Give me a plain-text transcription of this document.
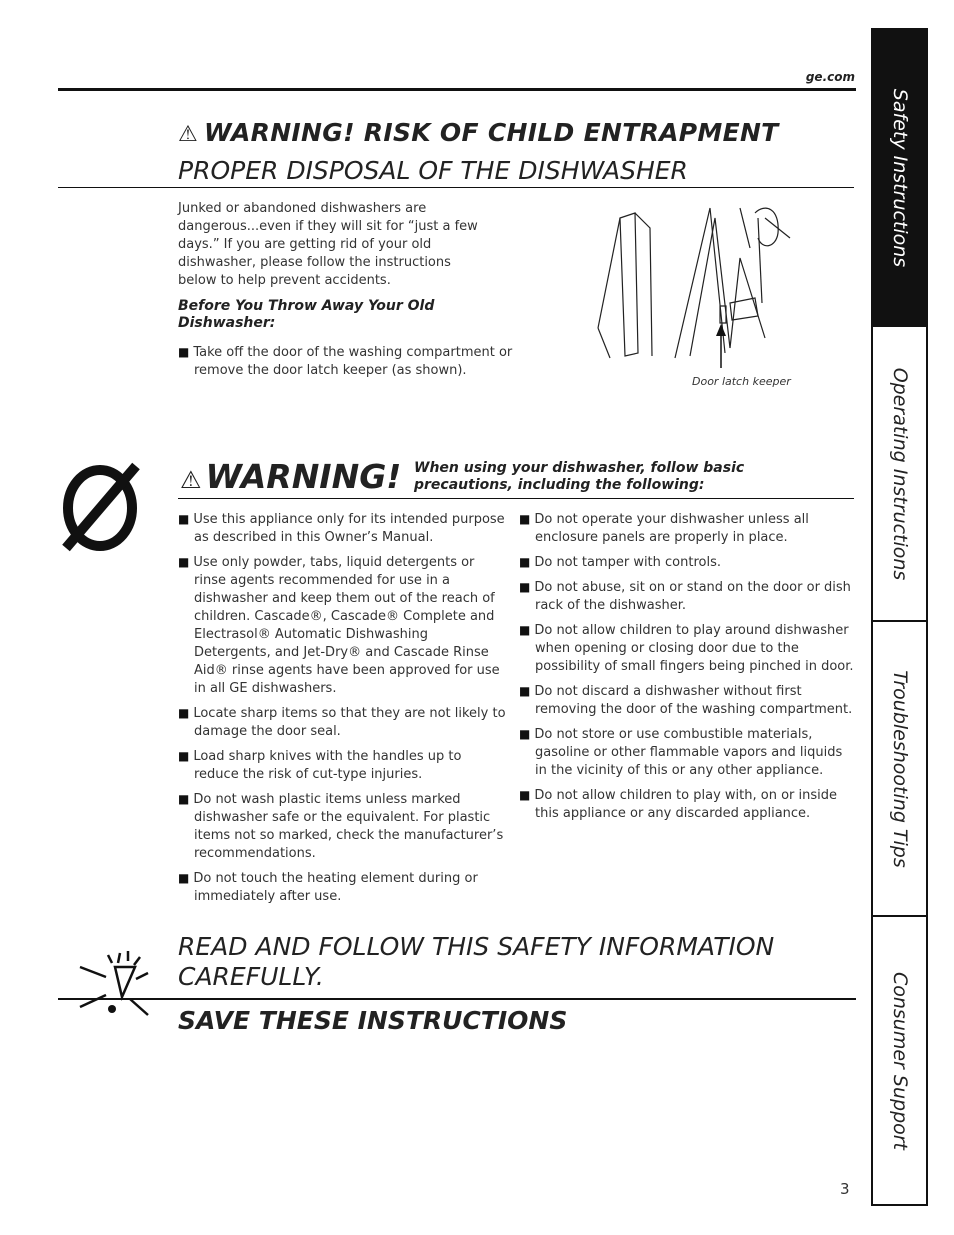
ge.com
⚠ WARNING! RISK OF CHILD ENTRAPMENT
PROPER DISPOSAL OF THE DISHWASHER
Junked or abandoned dishwashers are dangerous...even if they will sit for “just a few days.” If you are getting rid of your old dishwasher, please follow the instructions below to help prevent accidents.
Before You Throw Away Your Old Dishwasher:
■ Take off the door of the washing compartment or remove the door latch keeper (as shown).
Door latch keeper
⚠ WARNING! When using your dishwasher, follow basic precautions, including the following:
■ Use this appliance only for its intended purpose as described in this Owner’s Manual.
■ Use only powder, tabs, liquid detergents or rinse agents recommended for use in a dishwasher and keep them out of the reach of children. Cascade®, Cascade® Complete and Electrasol® Automatic Dishwashing Detergents, and Jet-Dry® and Cascade Rinse Aid® rinse agents have been approved for use in all GE dishwashers.
■ Locate sharp items so that they are not likely to damage the door seal.
■ Load sharp knives with the handles up to reduce the risk of cut-type injuries.
■ Do not wash plastic items unless marked dishwasher safe or the equivalent. For plastic items not so marked, check the manufacturer’s recommendations.
■ Do not touch the heating element during or immediately after use.
■ Do not operate your dishwasher unless all enclosure panels are properly in place.
■ Do not tamper with controls.
■ Do not abuse, sit on or stand on the door or dish rack of the dishwasher.
■ Do not allow children to play around dishwasher when opening or closing door due to the possibility of small fingers being pinched in door.
■ Do not discard a dishwasher without first removing the door of the washing compartment.
■ Do not store or use combustible materials, gasoline or other flammable vapors and liquids in the vicinity of this or any other appliance.
■ Do not allow children to play with, on or inside this appliance or any discarded appliance.
READ AND FOLLOW THIS SAFETY INFORMATION CAREFULLY.
SAVE THESE INSTRUCTIONS
3
Safety Instructions
Operating Instructions
Troubleshooting Tips
Consumer Support
